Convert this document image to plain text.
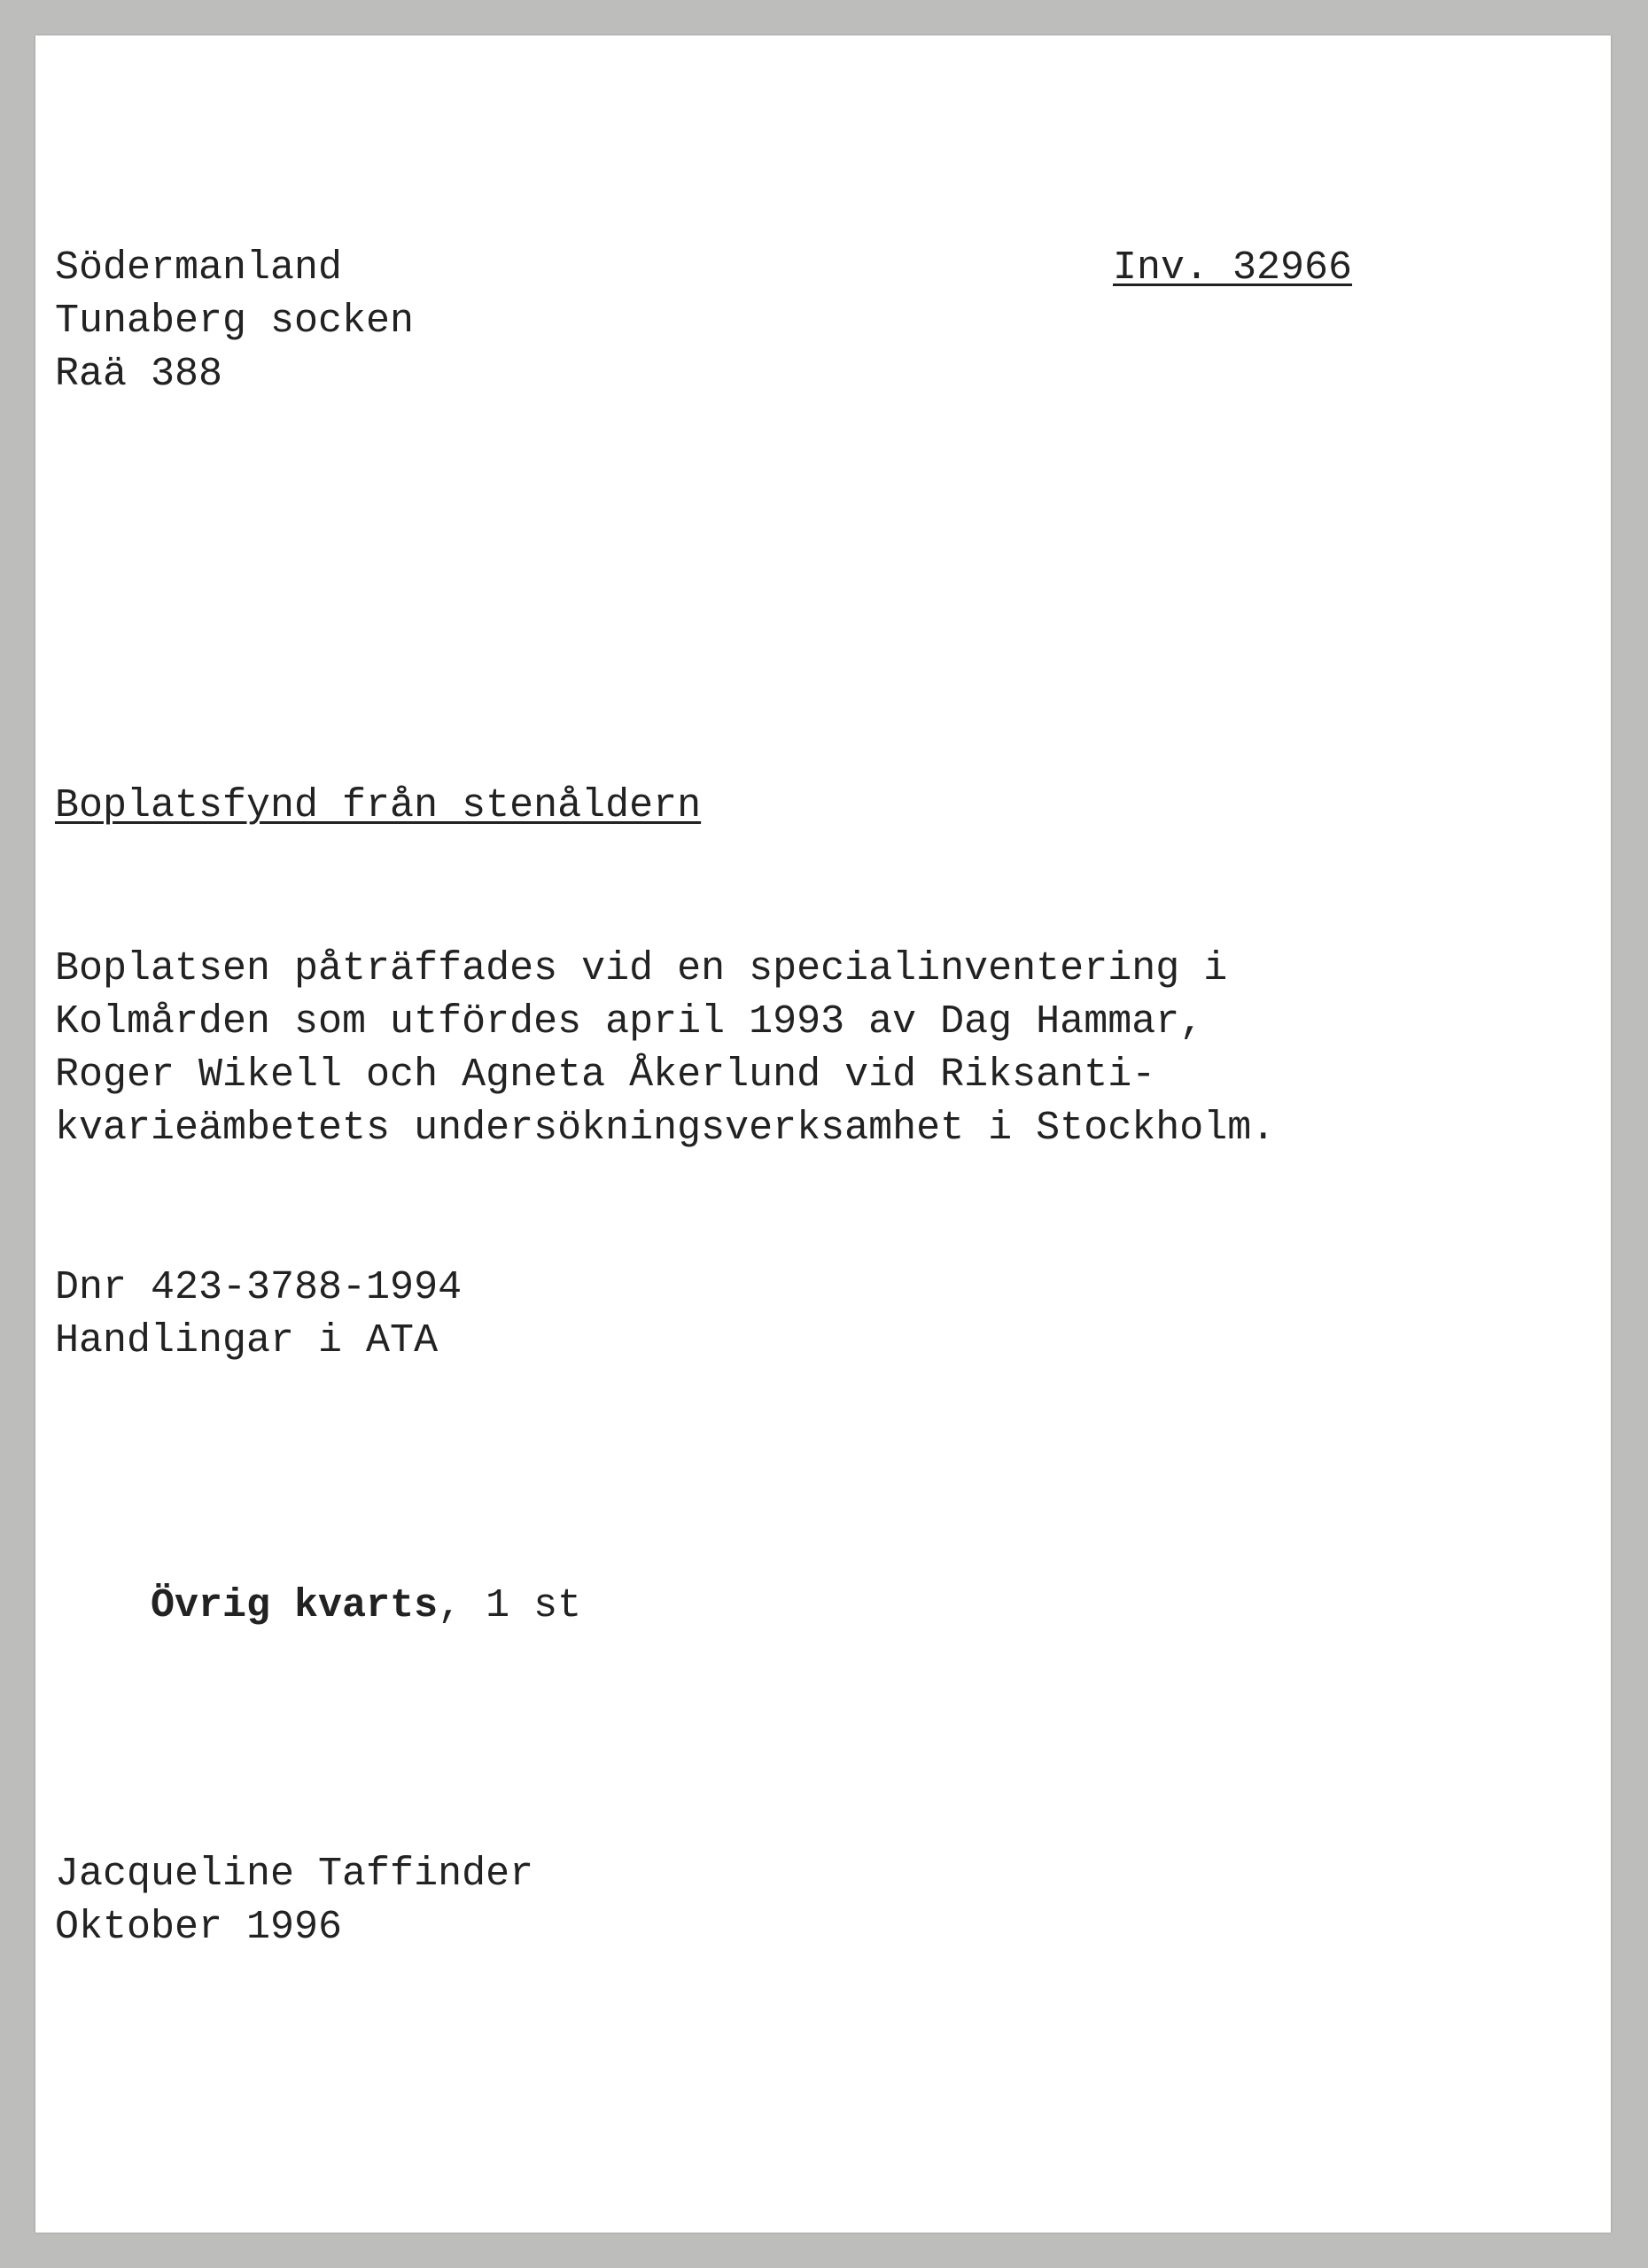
Södermanland
Tunaberg socken
Raä 388
Inv. 32966
Boplatsfynd från stenåldern
Boplatsen påträffades vid en specialinventering i
Kolmården som utfördes april 1993 av Dag Hammar,
Roger Wikell och Agneta Åkerlund vid Riksanti-
kvarieämbetets undersökningsverksamhet i Stockholm.
Dnr 423-3788-1994
Handlingar i ATA

Övrig kvarts, 1 st

Jacqueline Taffinder
Oktober 1996
